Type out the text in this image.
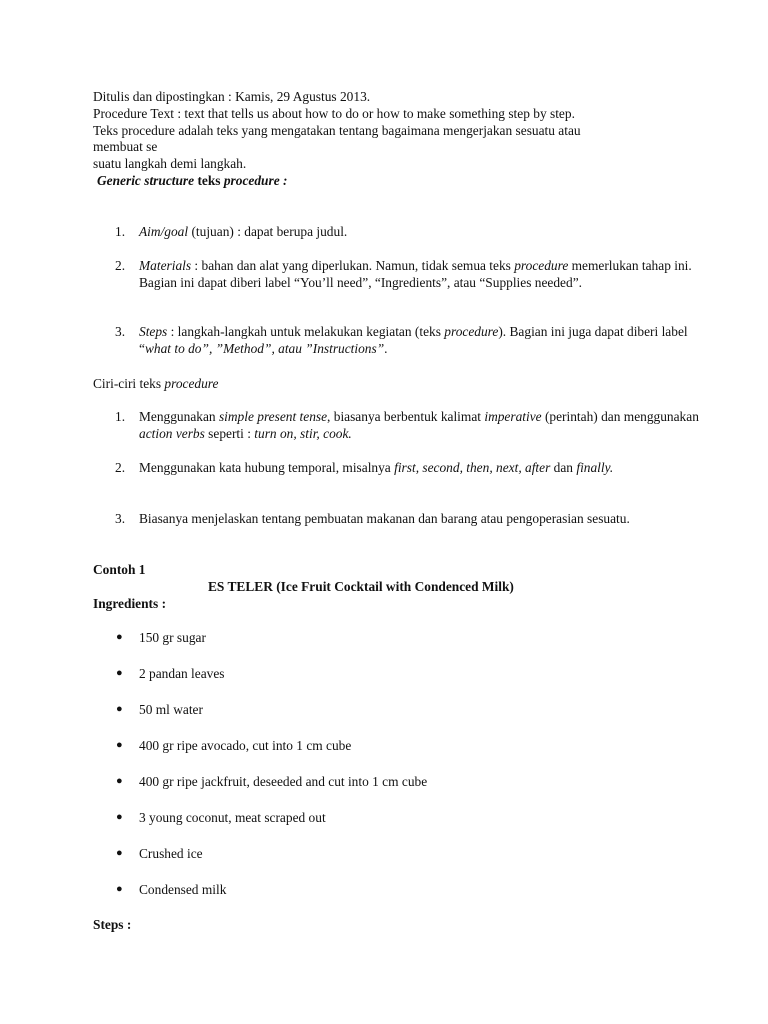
Ditulis dan dipostingkan : Kamis, 29 Agustus 2013.
Procedure Text : text that tells us about how to do or how to make something step by step.
Teks procedure adalah teks yang mengatakan tentang bagaimana mengerjakan sesuatu atau
membuat se
suatu langkah demi langkah.
Generic structure teks procedure :
1. Aim/goal (tujuan) : dapat berupa judul.
2. Materials : bahan dan alat yang diperlukan. Namun, tidak semua teks procedure memerlukan tahap ini. Bagian ini dapat diberi label “You’ll need”, “Ingredients”, atau “Supplies needed”.
3. Steps : langkah-langkah untuk melakukan kegiatan (teks procedure). Bagian ini juga dapat diberi label “what to do”, ”Method”, atau ”Instructions”.
Ciri-ciri teks procedure
1. Menggunakan simple present tense, biasanya berbentuk kalimat imperative (perintah) dan menggunakan action verbs seperti : turn on, stir, cook.
2. Menggunakan kata hubung temporal, misalnya first, second, then, next, after dan finally.
3. Biasanya menjelaskan tentang pembuatan makanan dan barang atau pengoperasian sesuatu.
Contoh 1
ES TELER (Ice Fruit Cocktail with Condenced Milk)
Ingredients :
● 150 gr sugar
● 2 pandan leaves
● 50 ml water
● 400 gr ripe avocado, cut into 1 cm cube
● 400 gr ripe jackfruit, deseeded and cut into 1 cm cube
● 3 young coconut, meat scraped out
● Crushed ice
● Condensed milk
Steps :
